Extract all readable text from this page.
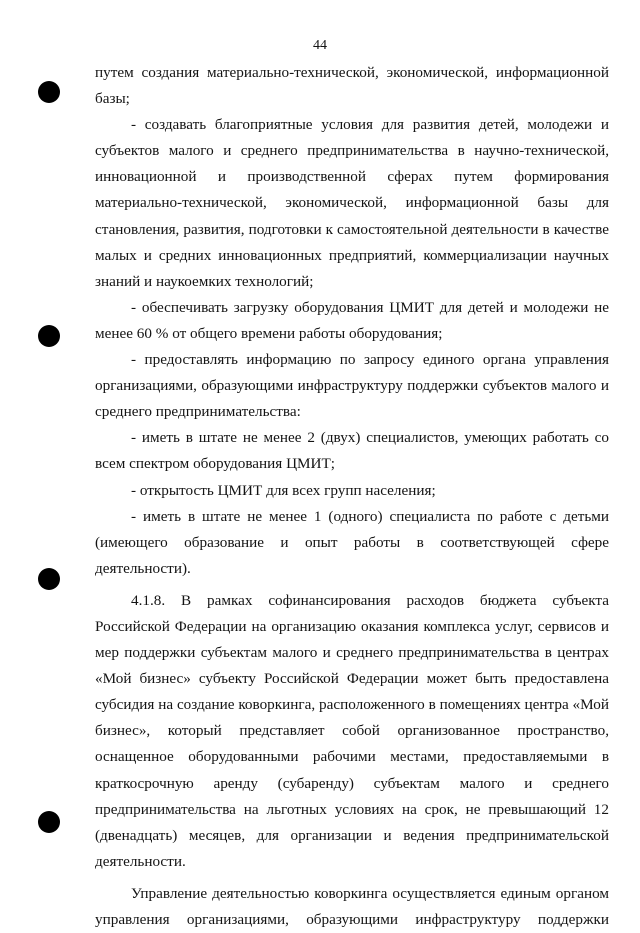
44

путем создания материально-технической, экономической, информационной базы;

- создавать благоприятные условия для развития детей, молодежи и субъектов малого и среднего предпринимательства в научно-технической, инновационной и производственной сферах путем формирования материально-технической, экономической, информационной базы для становления, развития, подготовки к самостоятельной деятельности в качестве малых и средних инновационных предприятий, коммерциализации научных знаний и наукоемких технологий;

- обеспечивать загрузку оборудования ЦМИТ для детей и молодежи не менее 60 % от общего времени работы оборудования;

- предоставлять информацию по запросу единого органа управления организациями, образующими инфраструктуру поддержки субъектов малого и среднего предпринимательства:

- иметь в штате не менее 2 (двух) специалистов, умеющих работать со всем спектром оборудования ЦМИТ;

- открытость ЦМИТ для всех групп населения;

- иметь в штате не менее 1 (одного) специалиста по работе с детьми (имеющего образование и опыт работы в соответствующей сфере деятельности).

4.1.8. В рамках софинансирования расходов бюджета субъекта Российской Федерации на организацию оказания комплекса услуг, сервисов и мер поддержки субъектам малого и среднего предпринимательства в центрах «Мой бизнес» субъекту Российской Федерации может быть предоставлена субсидия на создание коворкинга, расположенного в помещениях центра «Мой бизнес», который представляет собой организованное пространство, оснащенное оборудованными рабочими местами, предоставляемыми в краткосрочную аренду (субаренду) субъектам малого и среднего предпринимательства на льготных условиях на срок, не превышающий 12 (двенадцать) месяцев, для организации и ведения предпринимательской деятельности.

Управление деятельностью коворкинга осуществляется единым органом управления организациями, образующими инфраструктуру поддержки
